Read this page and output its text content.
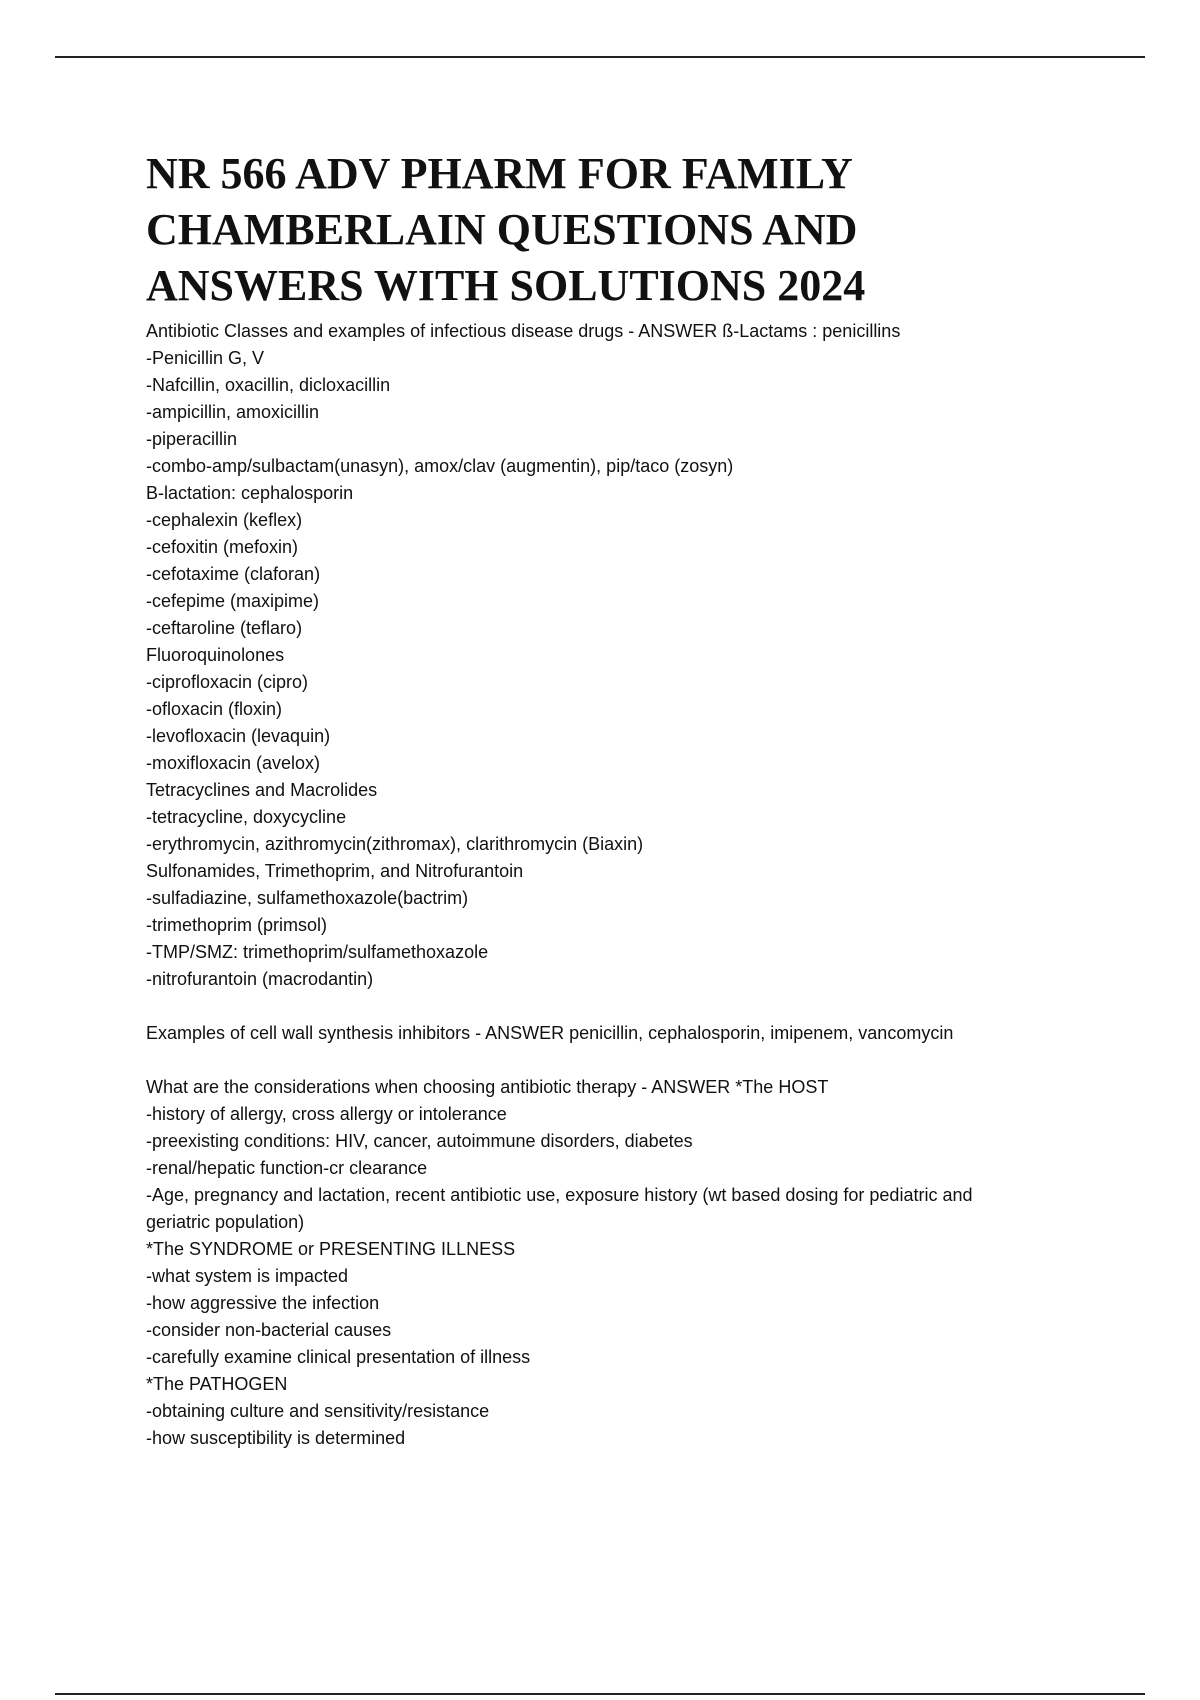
NR 566 ADV PHARM FOR FAMILY
CHAMBERLAIN QUESTIONS AND
ANSWERS WITH SOLUTIONS 2024
Antibiotic Classes and examples of infectious disease drugs - ANSWER ß-Lactams : penicillins
-Penicillin G, V
-Nafcillin, oxacillin, dicloxacillin
-ampicillin, amoxicillin
-piperacillin
-combo-amp/sulbactam(unasyn), amox/clav (augmentin), pip/taco (zosyn)
B-lactation: cephalosporin
-cephalexin (keflex)
-cefoxitin (mefoxin)
-cefotaxime (claforan)
-cefepime (maxipime)
-ceftaroline (teflaro)
Fluoroquinolones
-ciprofloxacin (cipro)
-ofloxacin (floxin)
-levofloxacin (levaquin)
-moxifloxacin (avelox)
Tetracyclines and Macrolides
-tetracycline, doxycycline
-erythromycin, azithromycin(zithromax), clarithromycin (Biaxin)
Sulfonamides, Trimethoprim, and Nitrofurantoin
-sulfadiazine, sulfamethoxazole(bactrim)
-trimethoprim (primsol)
-TMP/SMZ: trimethoprim/sulfamethoxazole
-nitrofurantoin (macrodantin)
Examples of cell wall synthesis inhibitors - ANSWER penicillin, cephalosporin, imipenem, vancomycin
What are the considerations when choosing antibiotic therapy - ANSWER *The HOST
-history of allergy, cross allergy or intolerance
-preexisting conditions: HIV, cancer, autoimmune disorders, diabetes
-renal/hepatic function-cr clearance
-Age, pregnancy and lactation, recent antibiotic use, exposure history (wt based dosing for pediatric and
geriatric population)
*The SYNDROME or PRESENTING ILLNESS
-what system is impacted
-how aggressive the infection
-consider non-bacterial causes
-carefully examine clinical presentation of illness
*The PATHOGEN
-obtaining culture and sensitivity/resistance
-how susceptibility is determined
